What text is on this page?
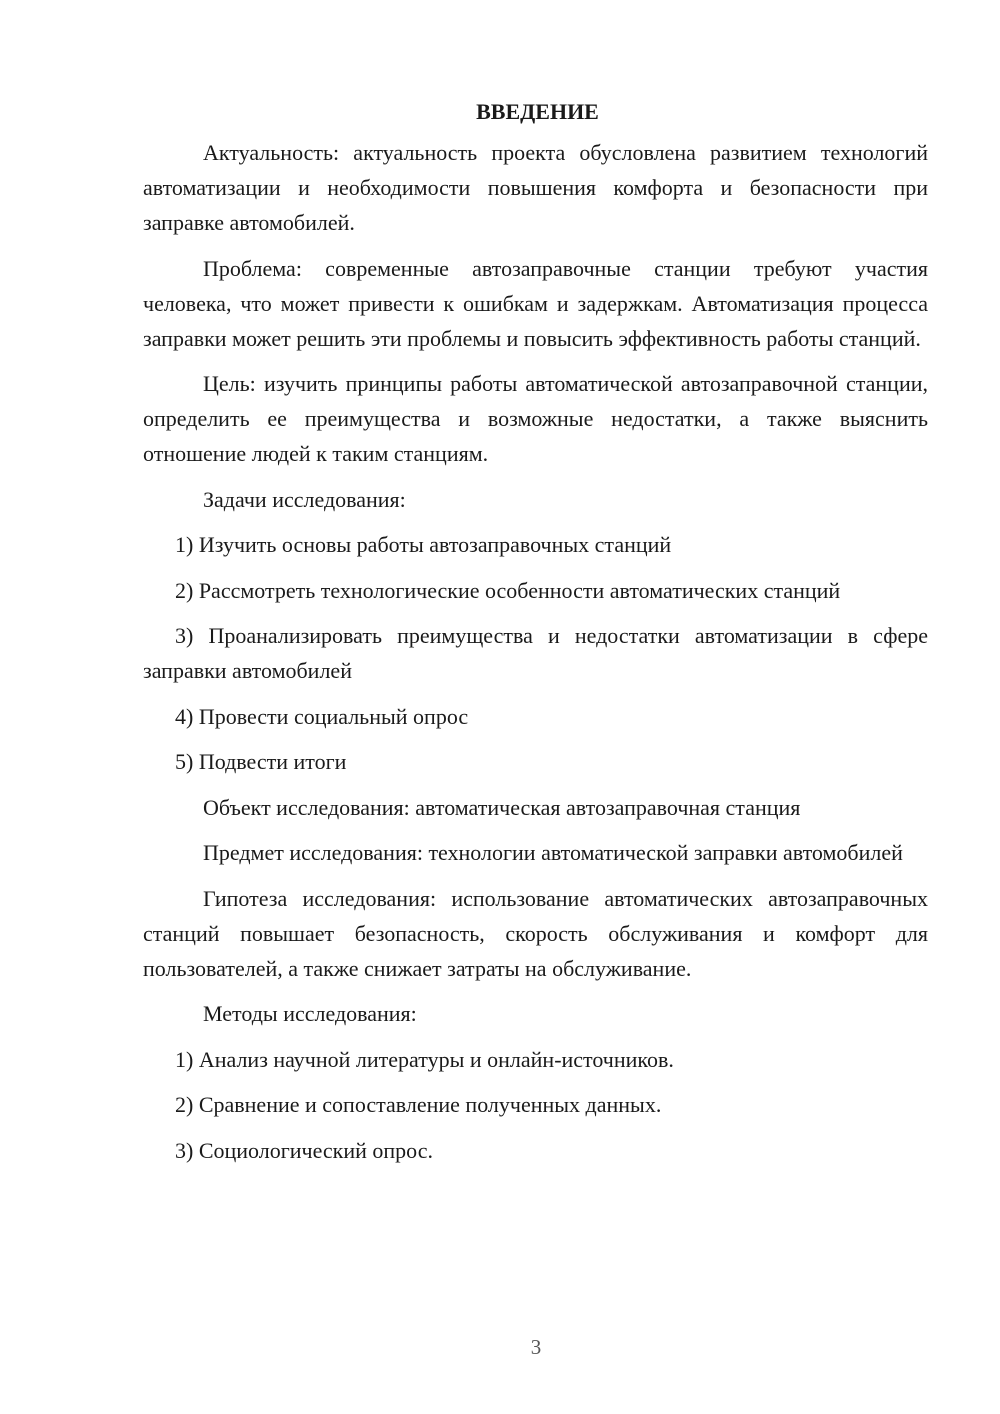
ВВЕДЕНИЕ

Актуальность: актуальность проекта обусловлена развитием технологий автоматизации и необходимости повышения комфорта и безопасности при заправке автомобилей.

Проблема: современные автозаправочные станции требуют участия человека, что может привести к ошибкам и задержкам. Автоматизация процесса заправки может решить эти проблемы и повысить эффективность работы станций.

Цель: изучить принципы работы автоматической автозаправочной станции, определить ее преимущества и возможные недостатки, а также выяснить отношение людей к таким станциям.

Задачи исследования:

1) Изучить основы работы автозаправочных станций

2) Рассмотреть технологические особенности автоматических станций

3) Проанализировать преимущества и недостатки автоматизации в сфере заправки автомобилей

4) Провести социальный опрос

5) Подвести итоги

Объект исследования: автоматическая автозаправочная станция

Предмет исследования: технологии автоматической заправки автомобилей

Гипотеза исследования: использование автоматических автозаправочных станций повышает безопасность, скорость обслуживания и комфорт для пользователей, а также снижает затраты на обслуживание.

Методы исследования:

1) Анализ научной литературы и онлайн-источников.

2) Сравнение и сопоставление полученных данных.

3) Социологический опрос.

3
